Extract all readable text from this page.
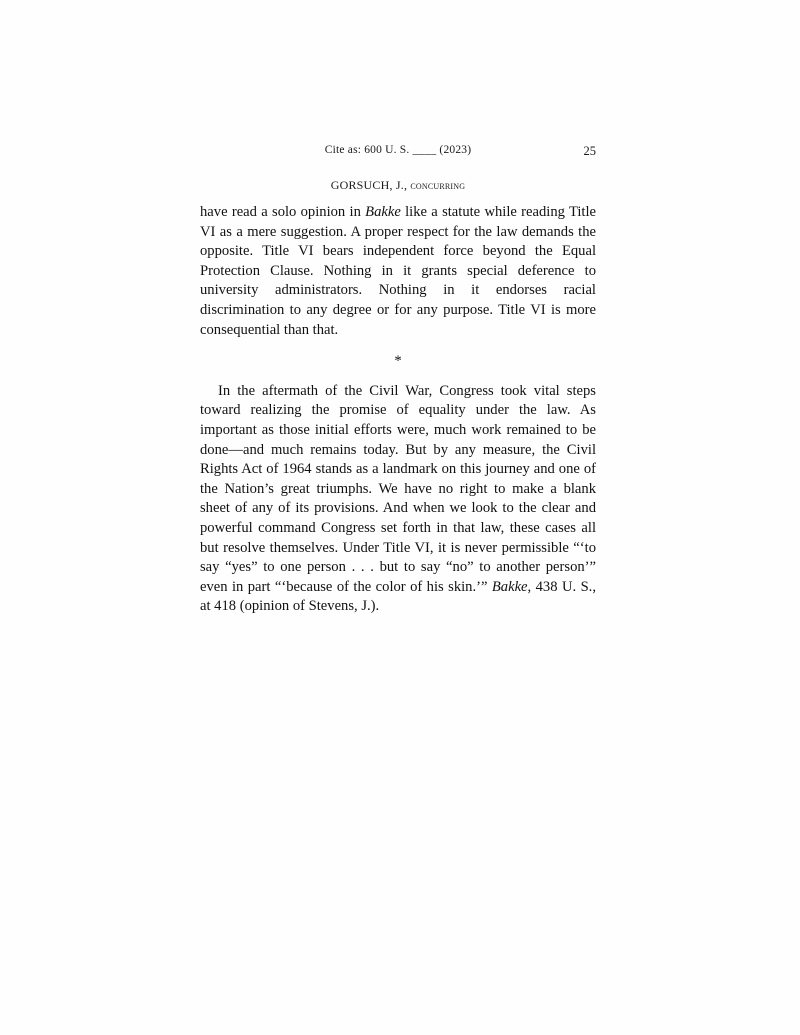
Cite as: 600 U. S. ____ (2023)	25
GORSUCH, J., concurring

have read a solo opinion in Bakke like a statute while reading Title VI as a mere suggestion. A proper respect for the law demands the opposite. Title VI bears independent force beyond the Equal Protection Clause. Nothing in it grants special deference to university administrators. Nothing in it endorses racial discrimination to any degree or for any purpose. Title VI is more consequential than that.

*

In the aftermath of the Civil War, Congress took vital steps toward realizing the promise of equality under the law. As important as those initial efforts were, much work remained to be done—and much remains today. But by any measure, the Civil Rights Act of 1964 stands as a landmark on this journey and one of the Nation’s great triumphs. We have no right to make a blank sheet of any of its provisions. And when we look to the clear and powerful command Congress set forth in that law, these cases all but resolve themselves. Under Title VI, it is never permissible “‘to say “yes” to one person . . . but to say “no” to another person’” even in part “‘because of the color of his skin.’” Bakke, 438 U. S., at 418 (opinion of Stevens, J.).
